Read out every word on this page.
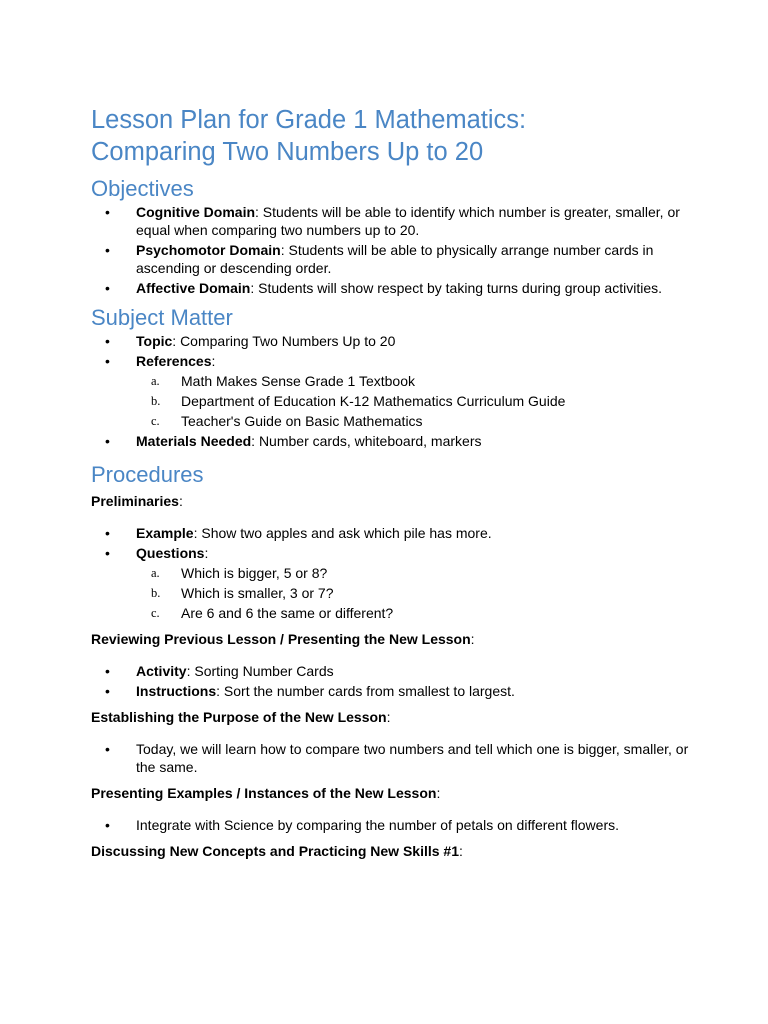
Lesson Plan for Grade 1 Mathematics:
Comparing Two Numbers Up to 20
Objectives
• Cognitive Domain: Students will be able to identify which number is greater, smaller, or equal when comparing two numbers up to 20.
• Psychomotor Domain: Students will be able to physically arrange number cards in ascending or descending order.
• Affective Domain: Students will show respect by taking turns during group activities.
Subject Matter
• Topic: Comparing Two Numbers Up to 20
• References:
a. Math Makes Sense Grade 1 Textbook
b. Department of Education K-12 Mathematics Curriculum Guide
c. Teacher's Guide on Basic Mathematics
• Materials Needed: Number cards, whiteboard, markers
Procedures

Preliminaries:

• Example: Show two apples and ask which pile has more.
• Questions:
a. Which is bigger, 5 or 8?
b. Which is smaller, 3 or 7?
c. Are 6 and 6 the same or different?

Reviewing Previous Lesson / Presenting the New Lesson:

• Activity: Sorting Number Cards
• Instructions: Sort the number cards from smallest to largest.

Establishing the Purpose of the New Lesson:

• Today, we will learn how to compare two numbers and tell which one is bigger, smaller, or the same.

Presenting Examples / Instances of the New Lesson:

• Integrate with Science by comparing the number of petals on different flowers.

Discussing New Concepts and Practicing New Skills #1:
